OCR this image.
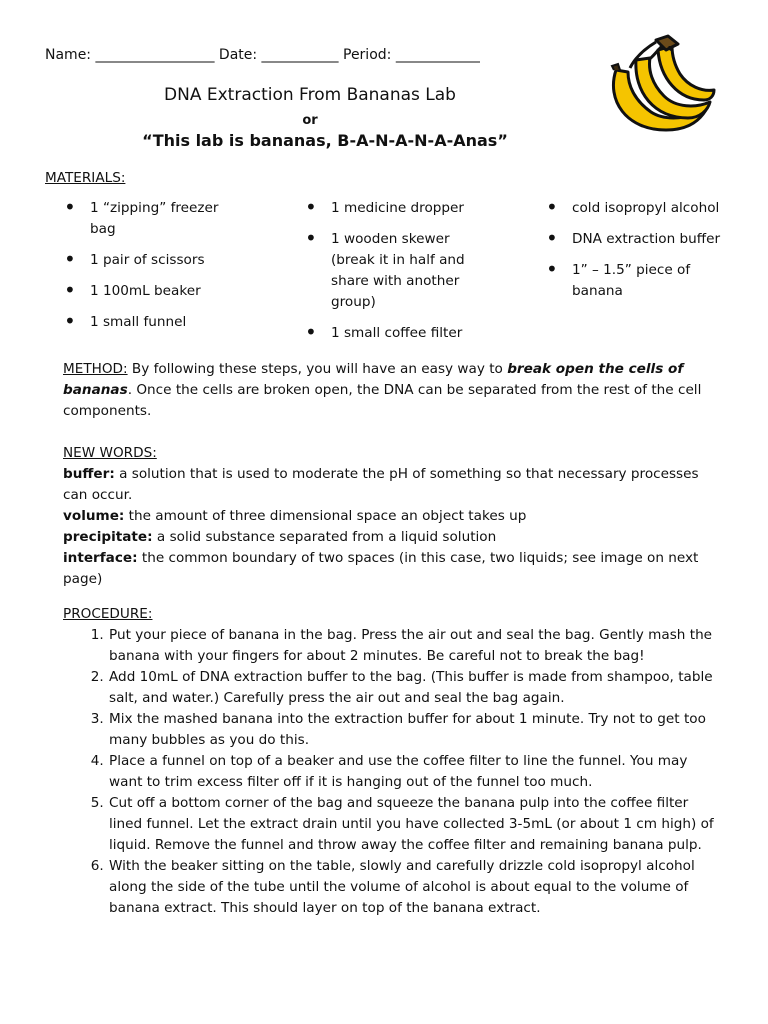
Name: _________________ Date: ___________ Period: ____________
DNA Extraction From Bananas Lab
or
“This lab is bananas, B-A-N-A-N-A-Anas”
MATERIALS:
• 1 “zipping” freezer bag
• 1 pair of scissors
• 1 100mL beaker
• 1 small funnel
• 1 medicine dropper
• 1 wooden skewer (break it in half and share with another group)
• 1 small coffee filter
• cold isopropyl alcohol
• DNA extraction buffer
• 1” – 1.5” piece of banana
METHOD: By following these steps, you will have an easy way to break open the cells of bananas. Once the cells are broken open, the DNA can be separated from the rest of the cell components.
NEW WORDS:

buffer: a solution that is used to moderate the pH of something so that necessary processes can occur.

volume: the amount of three dimensional space an object takes up

precipitate: a solid substance separated from a liquid solution

interface: the common boundary of two spaces (in this case, two liquids; see image on next page)

PROCEDURE:
1. Put your piece of banana in the bag. Press the air out and seal the bag. Gently mash the banana with your fingers for about 2 minutes. Be careful not to break the bag!
2. Add 10mL of DNA extraction buffer to the bag. (This buffer is made from shampoo, table salt, and water.) Carefully press the air out and seal the bag again.
3. Mix the mashed banana into the extraction buffer for about 1 minute. Try not to get too many bubbles as you do this.
4. Place a funnel on top of a beaker and use the coffee filter to line the funnel. You may want to trim excess filter off if it is hanging out of the funnel too much.
5. Cut off a bottom corner of the bag and squeeze the banana pulp into the coffee filter lined funnel. Let the extract drain until you have collected 3-5mL (or about 1 cm high) of liquid. Remove the funnel and throw away the coffee filter and remaining banana pulp.
6. With the beaker sitting on the table, slowly and carefully drizzle cold isopropyl alcohol along the side of the tube until the volume of alcohol is about equal to the volume of banana extract. This should layer on top of the banana extract.
